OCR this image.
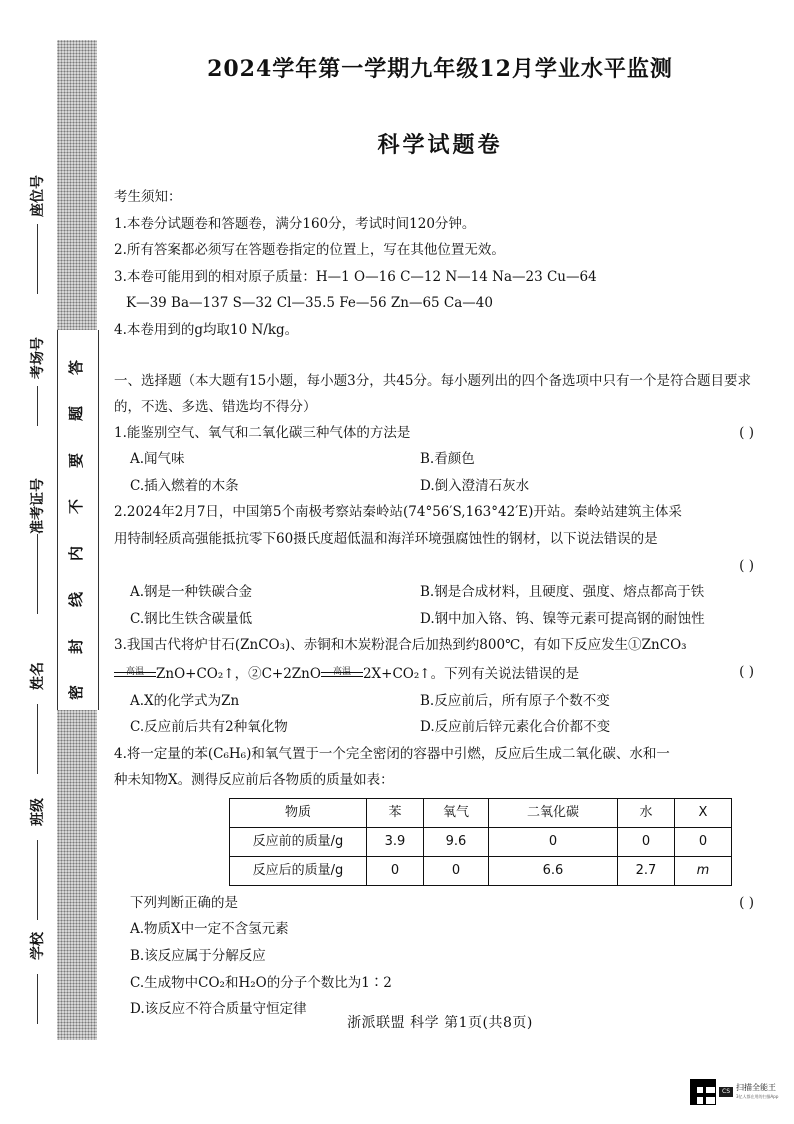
答
题
要
不
内
线
封
密
座位号
考场号
准考证号
姓名
班级
学校
2024学年第一学期九年级12月学业水平监测
科学试题卷
考生须知：
1.本卷分试题卷和答题卷，满分160分，考试时间120分钟。
2.所有答案都必须写在答题卷指定的位置上，写在其他位置无效。
3.本卷可能用到的相对原子质量：H—1 O—16 C—12 N—14 Na—23 Cu—64
K—39 Ba—137 S—32 Cl—35.5 Fe—56 Zn—65 Ca—40
4.本卷用到的g均取10 N/kg。
一、选择题（本大题有15小题，每小题3分，共45分。每小题列出的四个备选项中只有一个是符合题目要求的，不选、多选、错选均不得分）
1.能鉴别空气、氧气和二氧化碳三种气体的方法是	( )
A.闻气味	B.看颜色
C.插入燃着的木条	D.倒入澄清石灰水
2.2024年2月7日，中国第5个南极考察站秦岭站(74°56′S,163°42′E)开站。秦岭站建筑主体采
用特制轻质高强能抵抗零下60摄氏度超低温和海洋环境强腐蚀性的钢材，以下说法错误的是

( )
A.钢是一种铁碳合金	B.钢是合成材料，且硬度、强度、熔点都高于铁
C.钢比生铁含碳量低	D.钢中加入铬、钨、镍等元素可提高钢的耐蚀性
3.我国古代将炉甘石(ZnCO₃)、赤铜和木炭粉混合后加热到约800℃，有如下反应发生①ZnCO₃
高温 ZnO+CO₂↑，②C+2ZnO 高温 2X+CO₂↑。下列有关说法错误的是	( )
A.X的化学式为Zn	B.反应前后，所有原子个数不变
C.反应前后共有2种氧化物	D.反应前后锌元素化合价都不变
4.将一定量的苯(C₆H₆)和氧气置于一个完全密闭的容器中引燃，反应后生成二氧化碳、水和一
种未知物X。测得反应前后各物质的质量如表：
物质	苯	氧气	二氧化碳	水	X
反应前的质量/g	3.9	9.6	0	0	0
反应后的质量/g	0	0	6.6	2.7	m
下列判断正确的是	( )
A.物质X中一定不含氢元素
B.该反应属于分解反应
C.生成物中CO₂和H₂O的分子个数比为1∶2
D.该反应不符合质量守恒定律
浙派联盟 科学 第1页(共8页)
CS 扫描全能王
3亿人都在用的扫描App
